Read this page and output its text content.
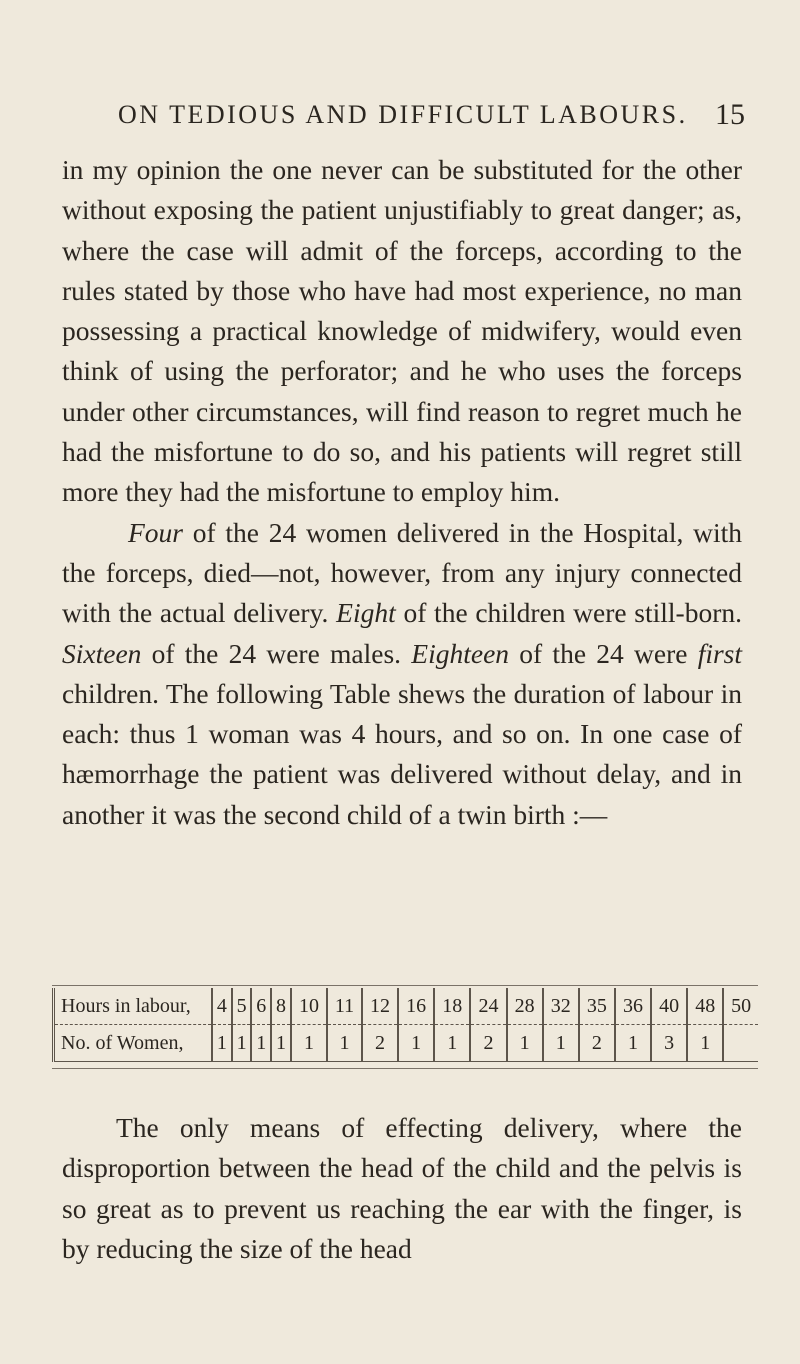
ON TEDIOUS AND DIFFICULT LABOURS. 15

in my opinion the one never can be substituted for the other without exposing the patient unjustifiably to great danger; as, where the case will admit of the forceps, according to the rules stated by those who have had most experience, no man possessing a practical knowledge of midwifery, would even think of using the perforator; and he who uses the forceps under other circumstances, will find reason to regret much he had the misfortune to do so, and his patients will regret still more they had the misfortune to employ him.

Four of the 24 women delivered in the Hospital, with the forceps, died—not, however, from any injury connected with the actual delivery. Eight of the children were still-born. Sixteen of the 24 were males. Eighteen of the 24 were first children. The following Table shews the duration of labour in each: thus 1 woman was 4 hours, and so on. In one case of hæmorrhage the patient was delivered without delay, and in another it was the second child of a twin birth :—

Hours in labour,	4	5	6	8	10	11	12	16	18	24	28	32	35	36	40	48	50
No. of Women,	1	1	1	1	1	1	2	1	1	2	1	1	2	1	3	1	

The only means of effecting delivery, where the disproportion between the head of the child and the pelvis is so great as to prevent us reaching the ear with the finger, is by reducing the size of the head
